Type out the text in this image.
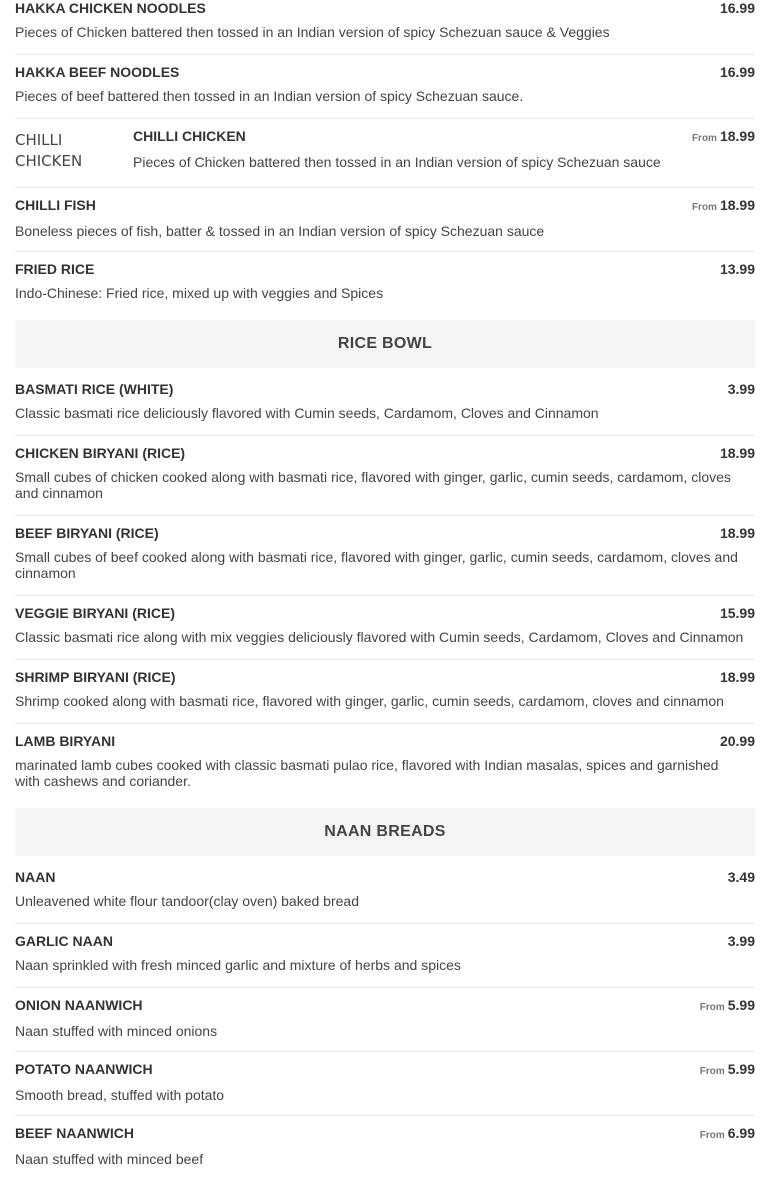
HAKKA CHICKEN NOODLES	16.99
Pieces of Chicken battered then tossed in an Indian version of spicy Schezuan sauce & Veggies
HAKKA BEEF NOODLES	16.99
Pieces of beef battered then tossed in an Indian version of spicy Schezuan sauce.
CHILLI CHICKEN
CHILLI CHICKEN	From 18.99
Pieces of Chicken battered then tossed in an Indian version of spicy Schezuan sauce
CHILLI FISH	From 18.99
Boneless pieces of fish, batter & tossed in an Indian version of spicy Schezuan sauce
FRIED RICE	13.99
Indo-Chinese: Fried rice, mixed up with veggies and Spices
RICE BOWL
BASMATI RICE (WHITE)	3.99
Classic basmati rice deliciously flavored with Cumin seeds, Cardamom, Cloves and Cinnamon
CHICKEN BIRYANI (RICE)	18.99
Small cubes of chicken cooked along with basmati rice, flavored with ginger, garlic, cumin seeds, cardamom, cloves and cinnamon
BEEF BIRYANI (RICE)	18.99
Small cubes of beef cooked along with basmati rice, flavored with ginger, garlic, cumin seeds, cardamom, cloves and cinnamon
VEGGIE BIRYANI (RICE)	15.99
Classic basmati rice along with mix veggies deliciously flavored with Cumin seeds, Cardamom, Cloves and Cinnamon
SHRIMP BIRYANI (RICE)	18.99
Shrimp cooked along with basmati rice, flavored with ginger, garlic, cumin seeds, cardamom, cloves and cinnamon
LAMB BIRYANI	20.99
marinated lamb cubes cooked with classic basmati pulao rice, flavored with Indian masalas, spices and garnished with cashews and coriander.
NAAN BREADS
NAAN	3.49
Unleavened white flour tandoor(clay oven) baked bread
GARLIC NAAN	3.99
Naan sprinkled with fresh minced garlic and mixture of herbs and spices
ONION NAANWICH	From 5.99
Naan stuffed with minced onions
POTATO NAANWICH	From 5.99
Smooth bread, stuffed with potato
BEEF NAANWICH	From 6.99
Naan stuffed with minced beef
